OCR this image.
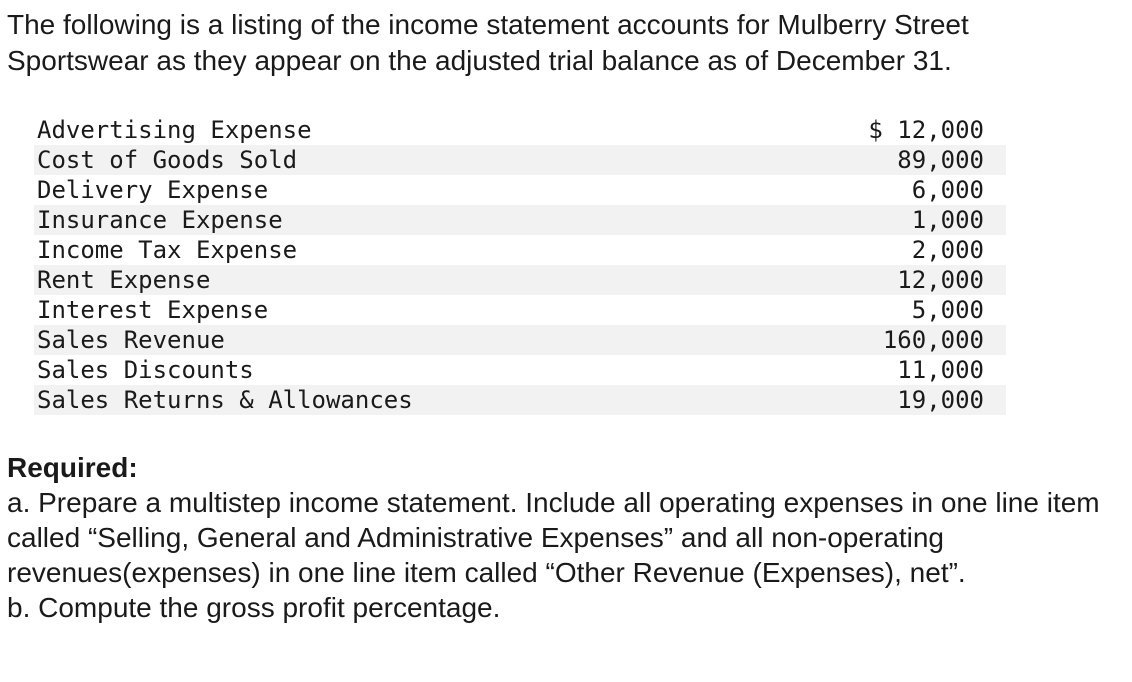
The following is a listing of the income statement accounts for Mulberry Street Sportswear as they appear on the adjusted trial balance as of December 31.

Advertising Expense	$ 12,000
Cost of Goods Sold	89,000
Delivery Expense	6,000
Insurance Expense	1,000
Income Tax Expense	2,000
Rent Expense	12,000
Interest Expense	5,000
Sales Revenue	160,000
Sales Discounts	11,000
Sales Returns & Allowances	19,000
Required:
a. Prepare a multistep income statement. Include all operating expenses in one line item called “Selling, General and Administrative Expenses” and all non-operating revenues(expenses) in one line item called “Other Revenue (Expenses), net”.
b. Compute the gross profit percentage.
